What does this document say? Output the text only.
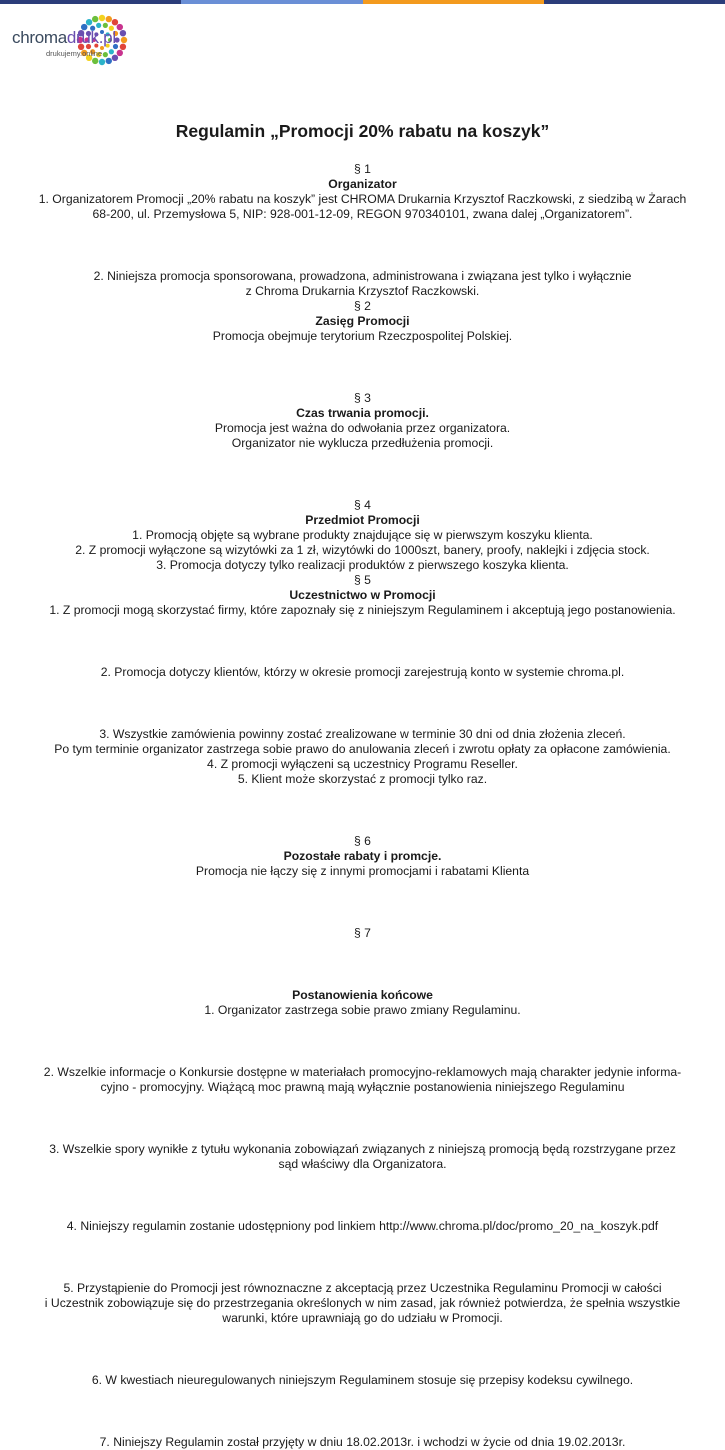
chromadruk.pl
drukujemy.online
Regulamin „Promocji 20% rabatu na koszyk”

§ 1

Organizator

1. Organizatorem Promocji „20% rabatu na koszyk” jest CHROMA Drukarnia Krzysztof Raczkowski, z siedzibą w Żarach

68-200, ul. Przemysłowa 5, NIP: 928-001-12-09, REGON 970340101, zwana dalej „Organizatorem”.

2. Niniejsza promocja sponsorowana, prowadzona, administrowana i związana jest tylko i wyłącznie

z Chroma Drukarnia Krzysztof Raczkowski.

§ 2

Zasięg Promocji

Promocja obejmuje terytorium Rzeczpospolitej Polskiej.

§ 3

Czas trwania promocji.

Promocja jest ważna do odwołania przez organizatora.

Organizator nie wyklucza przedłużenia promocji.

§ 4

Przedmiot Promocji

1. Promocją objęte są wybrane produkty znajdujące się w pierwszym koszyku klienta.

2. Z promocji wyłączone są wizytówki za 1 zł, wizytówki do 1000szt, banery, proofy, naklejki i zdjęcia stock.

3. Promocja dotyczy tylko realizacji produktów z pierwszego koszyka klienta.

§ 5

Uczestnictwo w Promocji

1. Z promocji mogą skorzystać firmy, które zapoznały się z niniejszym Regulaminem i akceptują jego postanowienia.

2. Promocja dotyczy klientów, którzy w okresie promocji zarejestrują konto w systemie chroma.pl.

3. Wszystkie zamówienia powinny zostać zrealizowane w terminie 30 dni od dnia złożenia zleceń.

Po tym terminie organizator zastrzega sobie prawo do anulowania zleceń i zwrotu opłaty za opłacone zamówienia.

4. Z promocji wyłączeni są uczestnicy Programu Reseller.

5. Klient może skorzystać z promocji tylko raz.

§ 6

Pozostałe rabaty i promcje.

Promocja nie łączy się z innymi promocjami i rabatami Klienta

§ 7

Postanowienia końcowe

1. Organizator zastrzega sobie prawo zmiany Regulaminu.

2. Wszelkie informacje o Konkursie dostępne w materiałach promocyjno-reklamowych mają charakter jedynie informa-

cyjno - promocyjny. Wiążącą moc prawną mają wyłącznie postanowienia niniejszego Regulaminu

3. Wszelkie spory wynikłe z tytułu wykonania zobowiązań związanych z niniejszą promocją będą rozstrzygane przez

sąd właściwy dla Organizatora.

4. Niniejszy regulamin zostanie udostępniony pod linkiem http://www.chroma.pl/doc/promo_20_na_koszyk.pdf

5. Przystąpienie do Promocji jest równoznaczne z akceptacją przez Uczestnika Regulaminu Promocji w całości

i Uczestnik zobowiązuje się do przestrzegania określonych w nim zasad, jak również potwierdza, że spełnia wszystkie

warunki, które uprawniają go do udziału w Promocji.

6. W kwestiach nieuregulowanych niniejszym Regulaminem stosuje się przepisy kodeksu cywilnego.

7. Niniejszy Regulamin został przyjęty w dniu 18.02.2013r. i wchodzi w życie od dnia 19.02.2013r.
